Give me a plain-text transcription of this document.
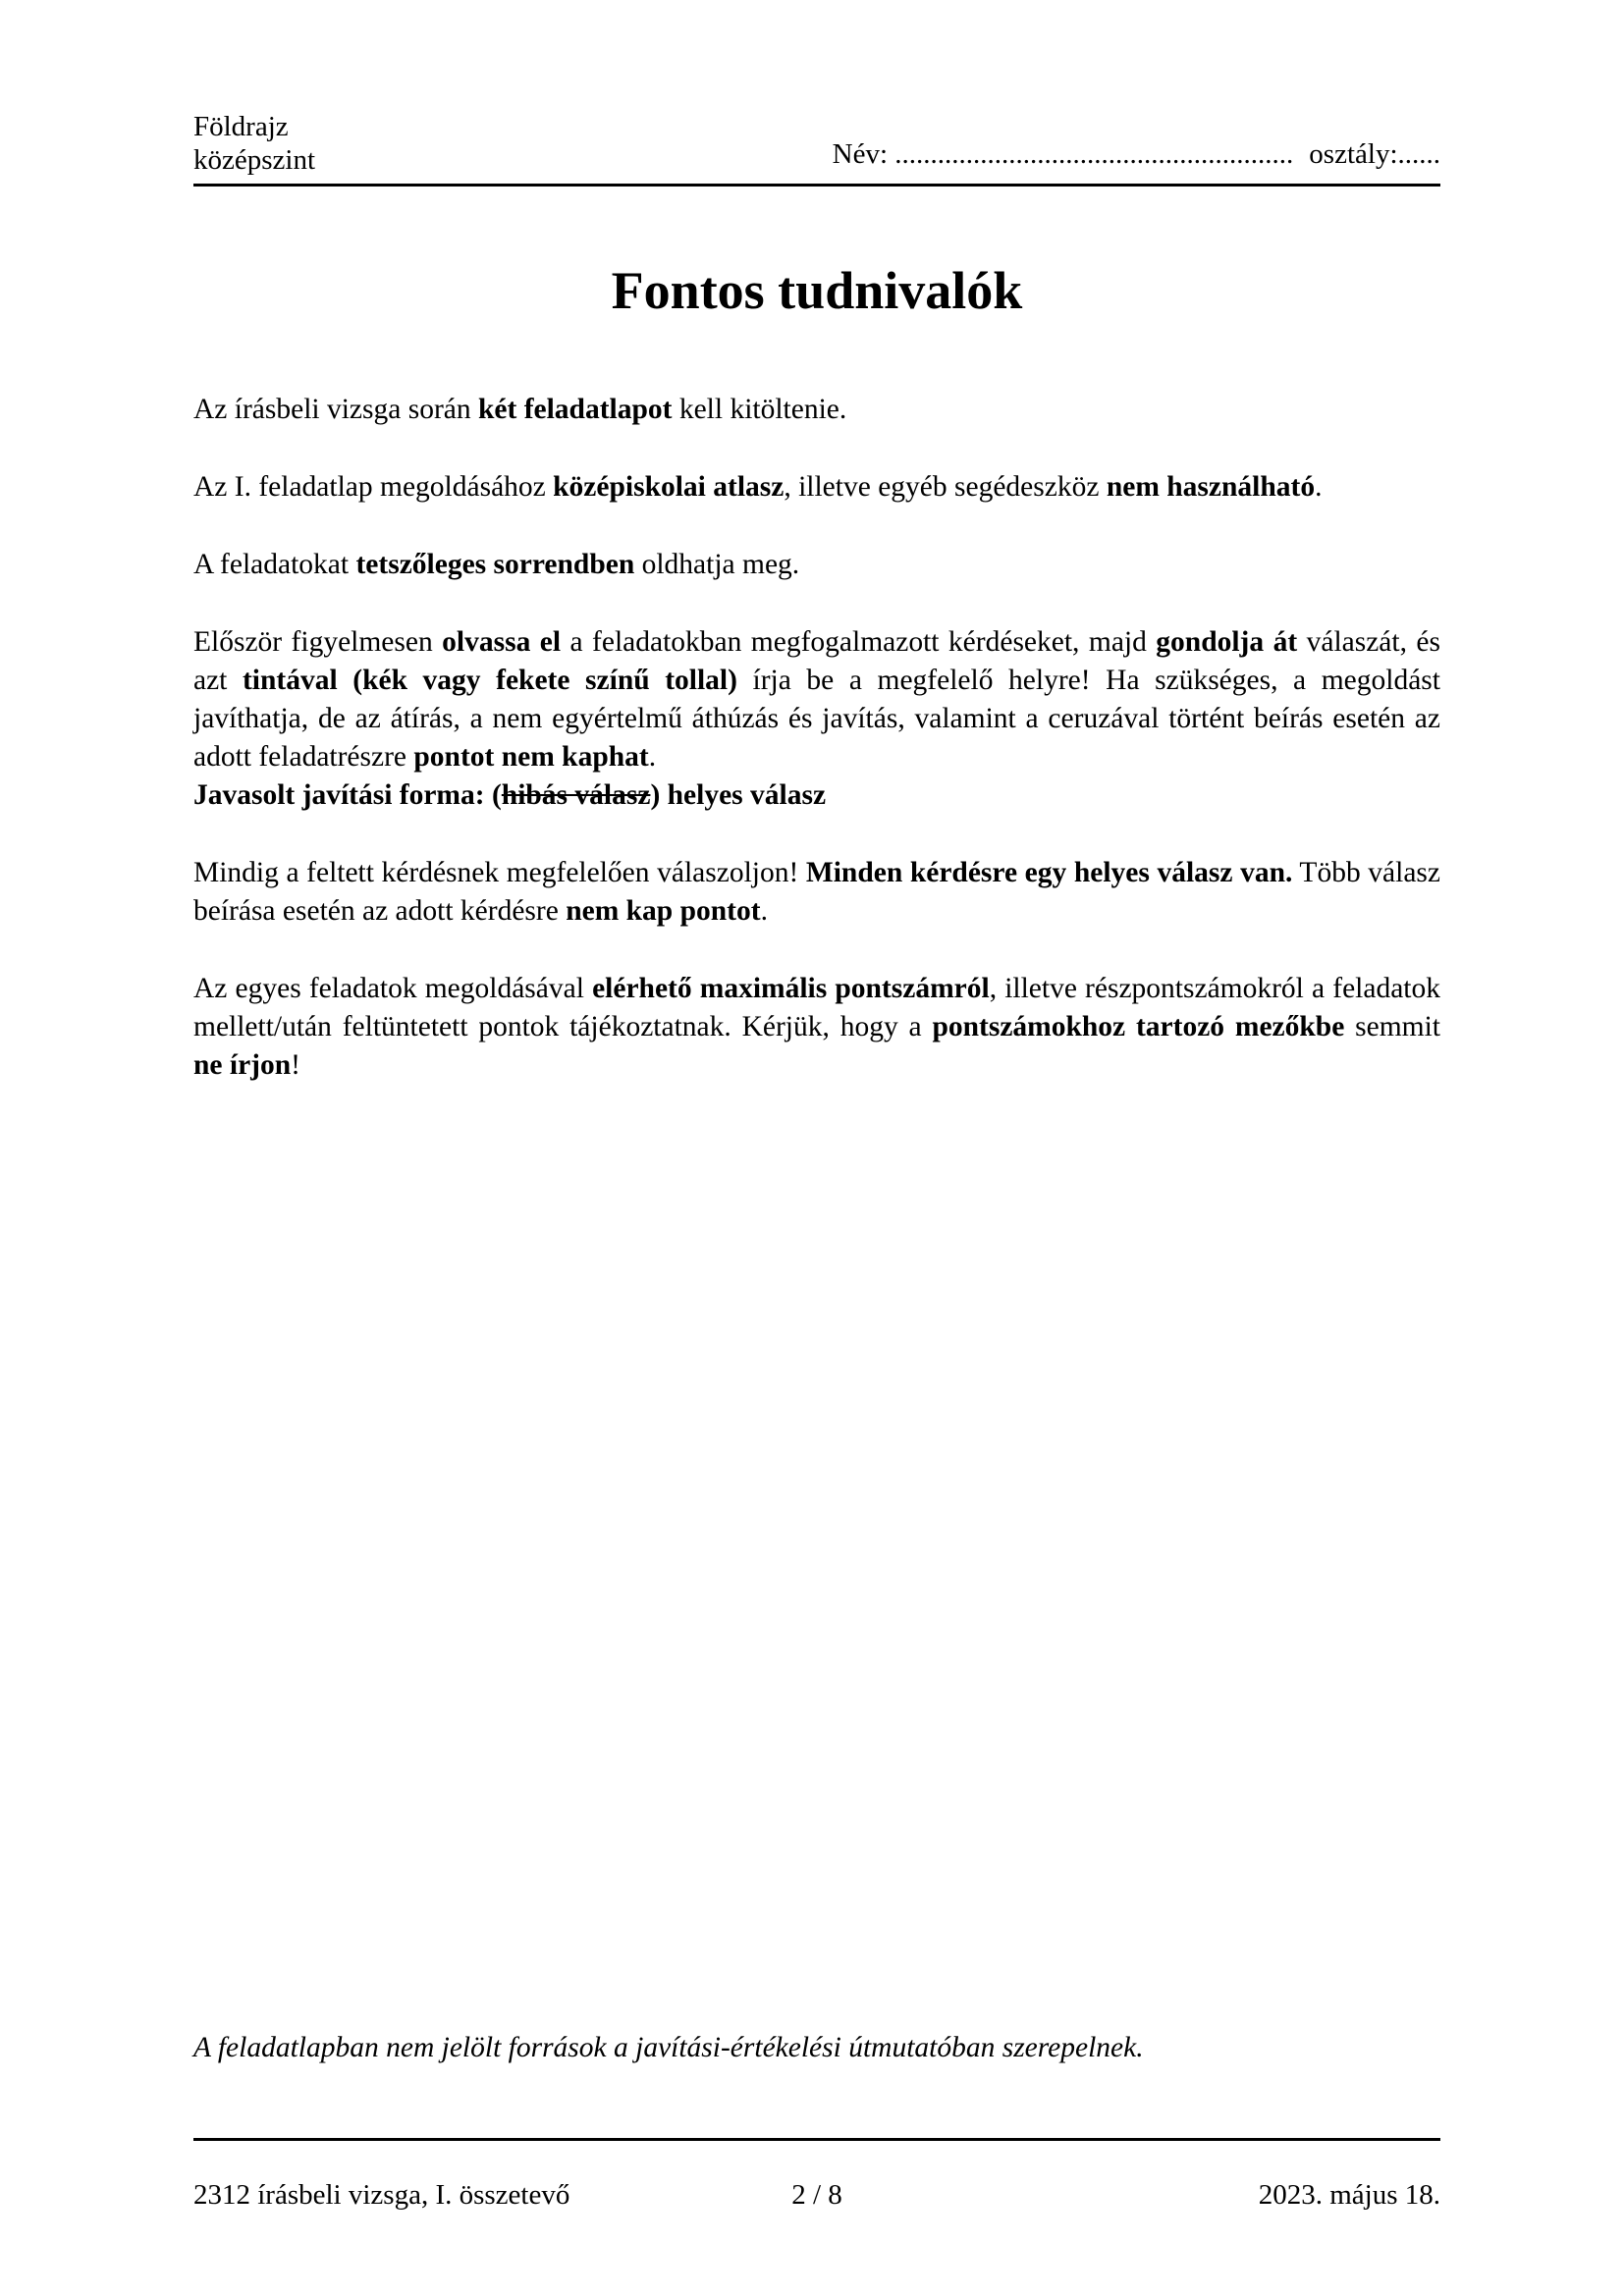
Földrajz
középszint	Név: ........................................................ osztály:......
Fontos tudnivalók

Az írásbeli vizsga során két feladatlapot kell kitöltenie.

Az I. feladatlap megoldásához középiskolai atlasz, illetve egyéb segédeszköz nem használható.

A feladatokat tetszőleges sorrendben oldhatja meg.

Először figyelmesen olvassa el a feladatokban megfogalmazott kérdéseket, majd gondolja át válaszát, és azt tintával (kék vagy fekete színű tollal) írja be a megfelelő helyre! Ha szükséges, a megoldást javíthatja, de az átírás, a nem egyértelmű áthúzás és javítás, valamint a ceruzával történt beírás esetén az adott feladatrészre pontot nem kaphat.

Javasolt javítási forma: (hibás válasz) helyes válasz

Mindig a feltett kérdésnek megfelelően válaszoljon! Minden kérdésre egy helyes válasz van. Több válasz beírása esetén az adott kérdésre nem kap pontot.

Az egyes feladatok megoldásával elérhető maximális pontszámról, illetve részpontszámokról a feladatok mellett/után feltüntetett pontok tájékoztatnak. Kérjük, hogy a pontszámokhoz tartozó mezőkbe semmit ne írjon!

A feladatlapban nem jelölt források a javítási-értékelési útmutatóban szerepelnek.
2312 írásbeli vizsga, I. összetevő	2 / 8	2023. május 18.
